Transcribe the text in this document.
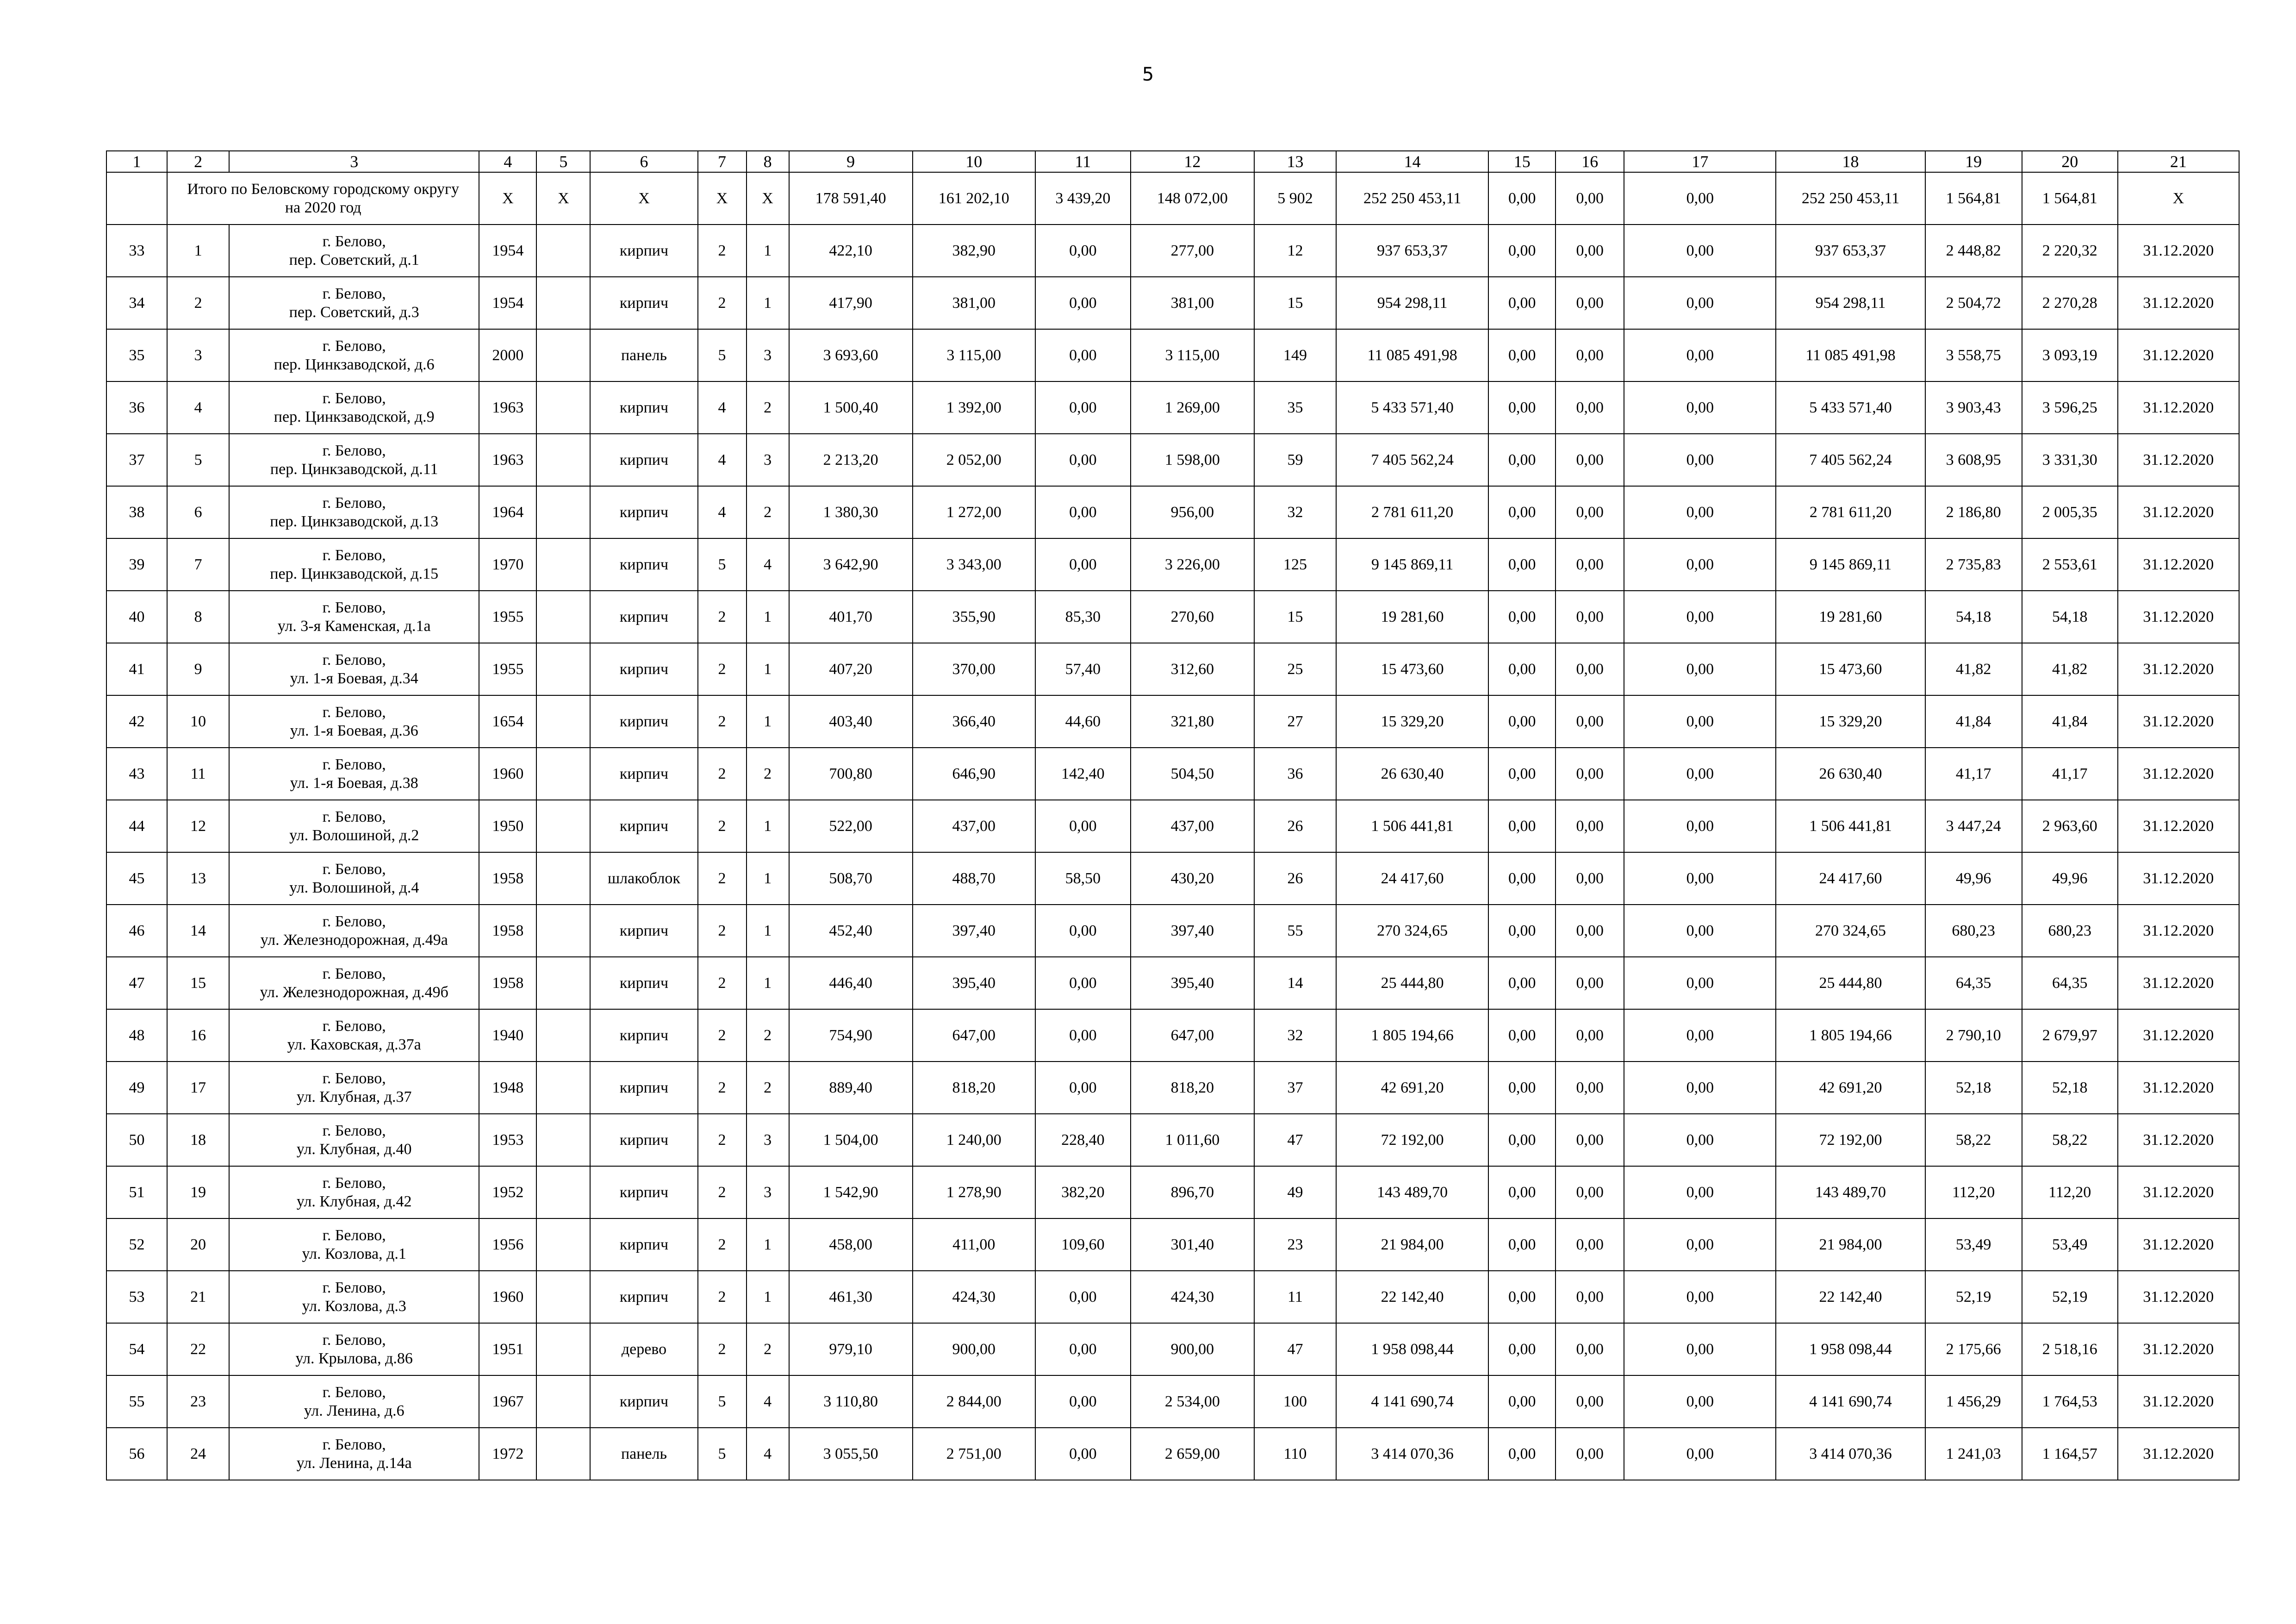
5
1	2	3	4	5	6	7	8	9	10	11	12	13	14	15	16	17	18	19	20	21

	Итого по Беловскому городскому округу
на 2020 год		X	X	X	X	X	178 591,40	161 202,10	3 439,20	148 072,00	5 902	252 250 453,11	0,00	0,00	0,00	252 250 453,11	1 564,81	1 564,81	X
33	1	г. Белово,
пер. Советский, д.1	1954		кирпич	2	1	422,10	382,90	0,00	277,00	12	937 653,37	0,00	0,00	0,00	937 653,37	2 448,82	2 220,32	31.12.2020
34	2	г. Белово,
пер. Советский, д.3	1954		кирпич	2	1	417,90	381,00	0,00	381,00	15	954 298,11	0,00	0,00	0,00	954 298,11	2 504,72	2 270,28	31.12.2020
35	3	г. Белово,
пер. Цинкзаводской, д.6	2000		панель	5	3	3 693,60	3 115,00	0,00	3 115,00	149	11 085 491,98	0,00	0,00	0,00	11 085 491,98	3 558,75	3 093,19	31.12.2020
36	4	г. Белово,
пер. Цинкзаводской, д.9	1963		кирпич	4	2	1 500,40	1 392,00	0,00	1 269,00	35	5 433 571,40	0,00	0,00	0,00	5 433 571,40	3 903,43	3 596,25	31.12.2020
37	5	г. Белово,
пер. Цинкзаводской, д.11	1963		кирпич	4	3	2 213,20	2 052,00	0,00	1 598,00	59	7 405 562,24	0,00	0,00	0,00	7 405 562,24	3 608,95	3 331,30	31.12.2020
38	6	г. Белово,
пер. Цинкзаводской, д.13	1964		кирпич	4	2	1 380,30	1 272,00	0,00	956,00	32	2 781 611,20	0,00	0,00	0,00	2 781 611,20	2 186,80	2 005,35	31.12.2020
39	7	г. Белово,
пер. Цинкзаводской, д.15	1970		кирпич	5	4	3 642,90	3 343,00	0,00	3 226,00	125	9 145 869,11	0,00	0,00	0,00	9 145 869,11	2 735,83	2 553,61	31.12.2020
40	8	г. Белово,
ул. 3-я Каменская, д.1а	1955		кирпич	2	1	401,70	355,90	85,30	270,60	15	19 281,60	0,00	0,00	0,00	19 281,60	54,18	54,18	31.12.2020
41	9	г. Белово,
ул. 1-я Боевая, д.34	1955		кирпич	2	1	407,20	370,00	57,40	312,60	25	15 473,60	0,00	0,00	0,00	15 473,60	41,82	41,82	31.12.2020
42	10	г. Белово,
ул. 1-я Боевая, д.36	1654		кирпич	2	1	403,40	366,40	44,60	321,80	27	15 329,20	0,00	0,00	0,00	15 329,20	41,84	41,84	31.12.2020
43	11	г. Белово,
ул. 1-я Боевая, д.38	1960		кирпич	2	2	700,80	646,90	142,40	504,50	36	26 630,40	0,00	0,00	0,00	26 630,40	41,17	41,17	31.12.2020
44	12	г. Белово,
ул. Волошиной, д.2	1950		кирпич	2	1	522,00	437,00	0,00	437,00	26	1 506 441,81	0,00	0,00	0,00	1 506 441,81	3 447,24	2 963,60	31.12.2020
45	13	г. Белово,
ул. Волошиной, д.4	1958		шлакоблок	2	1	508,70	488,70	58,50	430,20	26	24 417,60	0,00	0,00	0,00	24 417,60	49,96	49,96	31.12.2020
46	14	г. Белово,
ул. Железнодорожная, д.49а	1958		кирпич	2	1	452,40	397,40	0,00	397,40	55	270 324,65	0,00	0,00	0,00	270 324,65	680,23	680,23	31.12.2020
47	15	г. Белово,
ул. Железнодорожная, д.49б	1958		кирпич	2	1	446,40	395,40	0,00	395,40	14	25 444,80	0,00	0,00	0,00	25 444,80	64,35	64,35	31.12.2020
48	16	г. Белово,
ул. Каховская, д.37а	1940		кирпич	2	2	754,90	647,00	0,00	647,00	32	1 805 194,66	0,00	0,00	0,00	1 805 194,66	2 790,10	2 679,97	31.12.2020
49	17	г. Белово,
ул. Клубная, д.37	1948		кирпич	2	2	889,40	818,20	0,00	818,20	37	42 691,20	0,00	0,00	0,00	42 691,20	52,18	52,18	31.12.2020
50	18	г. Белово,
ул. Клубная, д.40	1953		кирпич	2	3	1 504,00	1 240,00	228,40	1 011,60	47	72 192,00	0,00	0,00	0,00	72 192,00	58,22	58,22	31.12.2020
51	19	г. Белово,
ул. Клубная, д.42	1952		кирпич	2	3	1 542,90	1 278,90	382,20	896,70	49	143 489,70	0,00	0,00	0,00	143 489,70	112,20	112,20	31.12.2020
52	20	г. Белово,
ул. Козлова, д.1	1956		кирпич	2	1	458,00	411,00	109,60	301,40	23	21 984,00	0,00	0,00	0,00	21 984,00	53,49	53,49	31.12.2020
53	21	г. Белово,
ул. Козлова, д.3	1960		кирпич	2	1	461,30	424,30	0,00	424,30	11	22 142,40	0,00	0,00	0,00	22 142,40	52,19	52,19	31.12.2020
54	22	г. Белово,
ул. Крылова, д.86	1951		дерево	2	2	979,10	900,00	0,00	900,00	47	1 958 098,44	0,00	0,00	0,00	1 958 098,44	2 175,66	2 518,16	31.12.2020
55	23	г. Белово,
ул. Ленина, д.6	1967		кирпич	5	4	3 110,80	2 844,00	0,00	2 534,00	100	4 141 690,74	0,00	0,00	0,00	4 141 690,74	1 456,29	1 764,53	31.12.2020
56	24	г. Белово,
ул. Ленина, д.14а	1972		панель	5	4	3 055,50	2 751,00	0,00	2 659,00	110	3 414 070,36	0,00	0,00	0,00	3 414 070,36	1 241,03	1 164,57	31.12.2020
